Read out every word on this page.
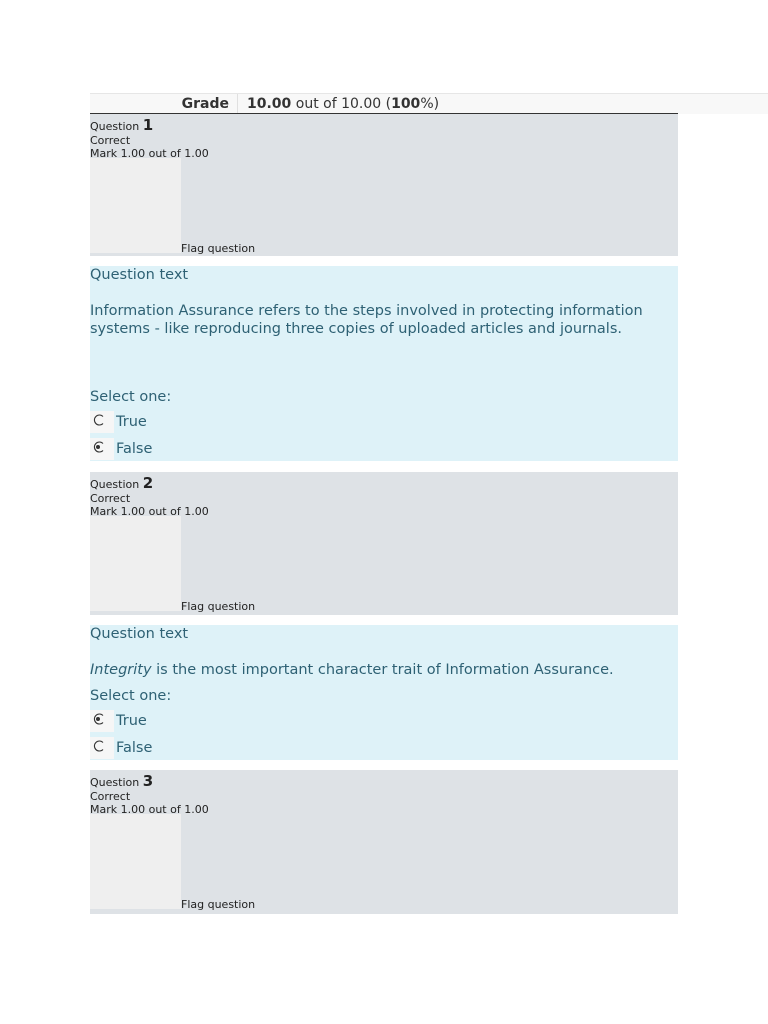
Grade	10.00 out of 10.00 (100%)
Question 1
Correct
Mark 1.00 out of 1.00
Flag question
Question text
Information Assurance refers to the steps involved in protecting information systems - like reproducing three copies of uploaded articles and journals.
Select one:
True
False
Question 2
Correct
Mark 1.00 out of 1.00
Flag question
Question text
Integrity is the most important character trait of Information Assurance.
Select one:
True
False
Question 3
Correct
Mark 1.00 out of 1.00
Flag question
